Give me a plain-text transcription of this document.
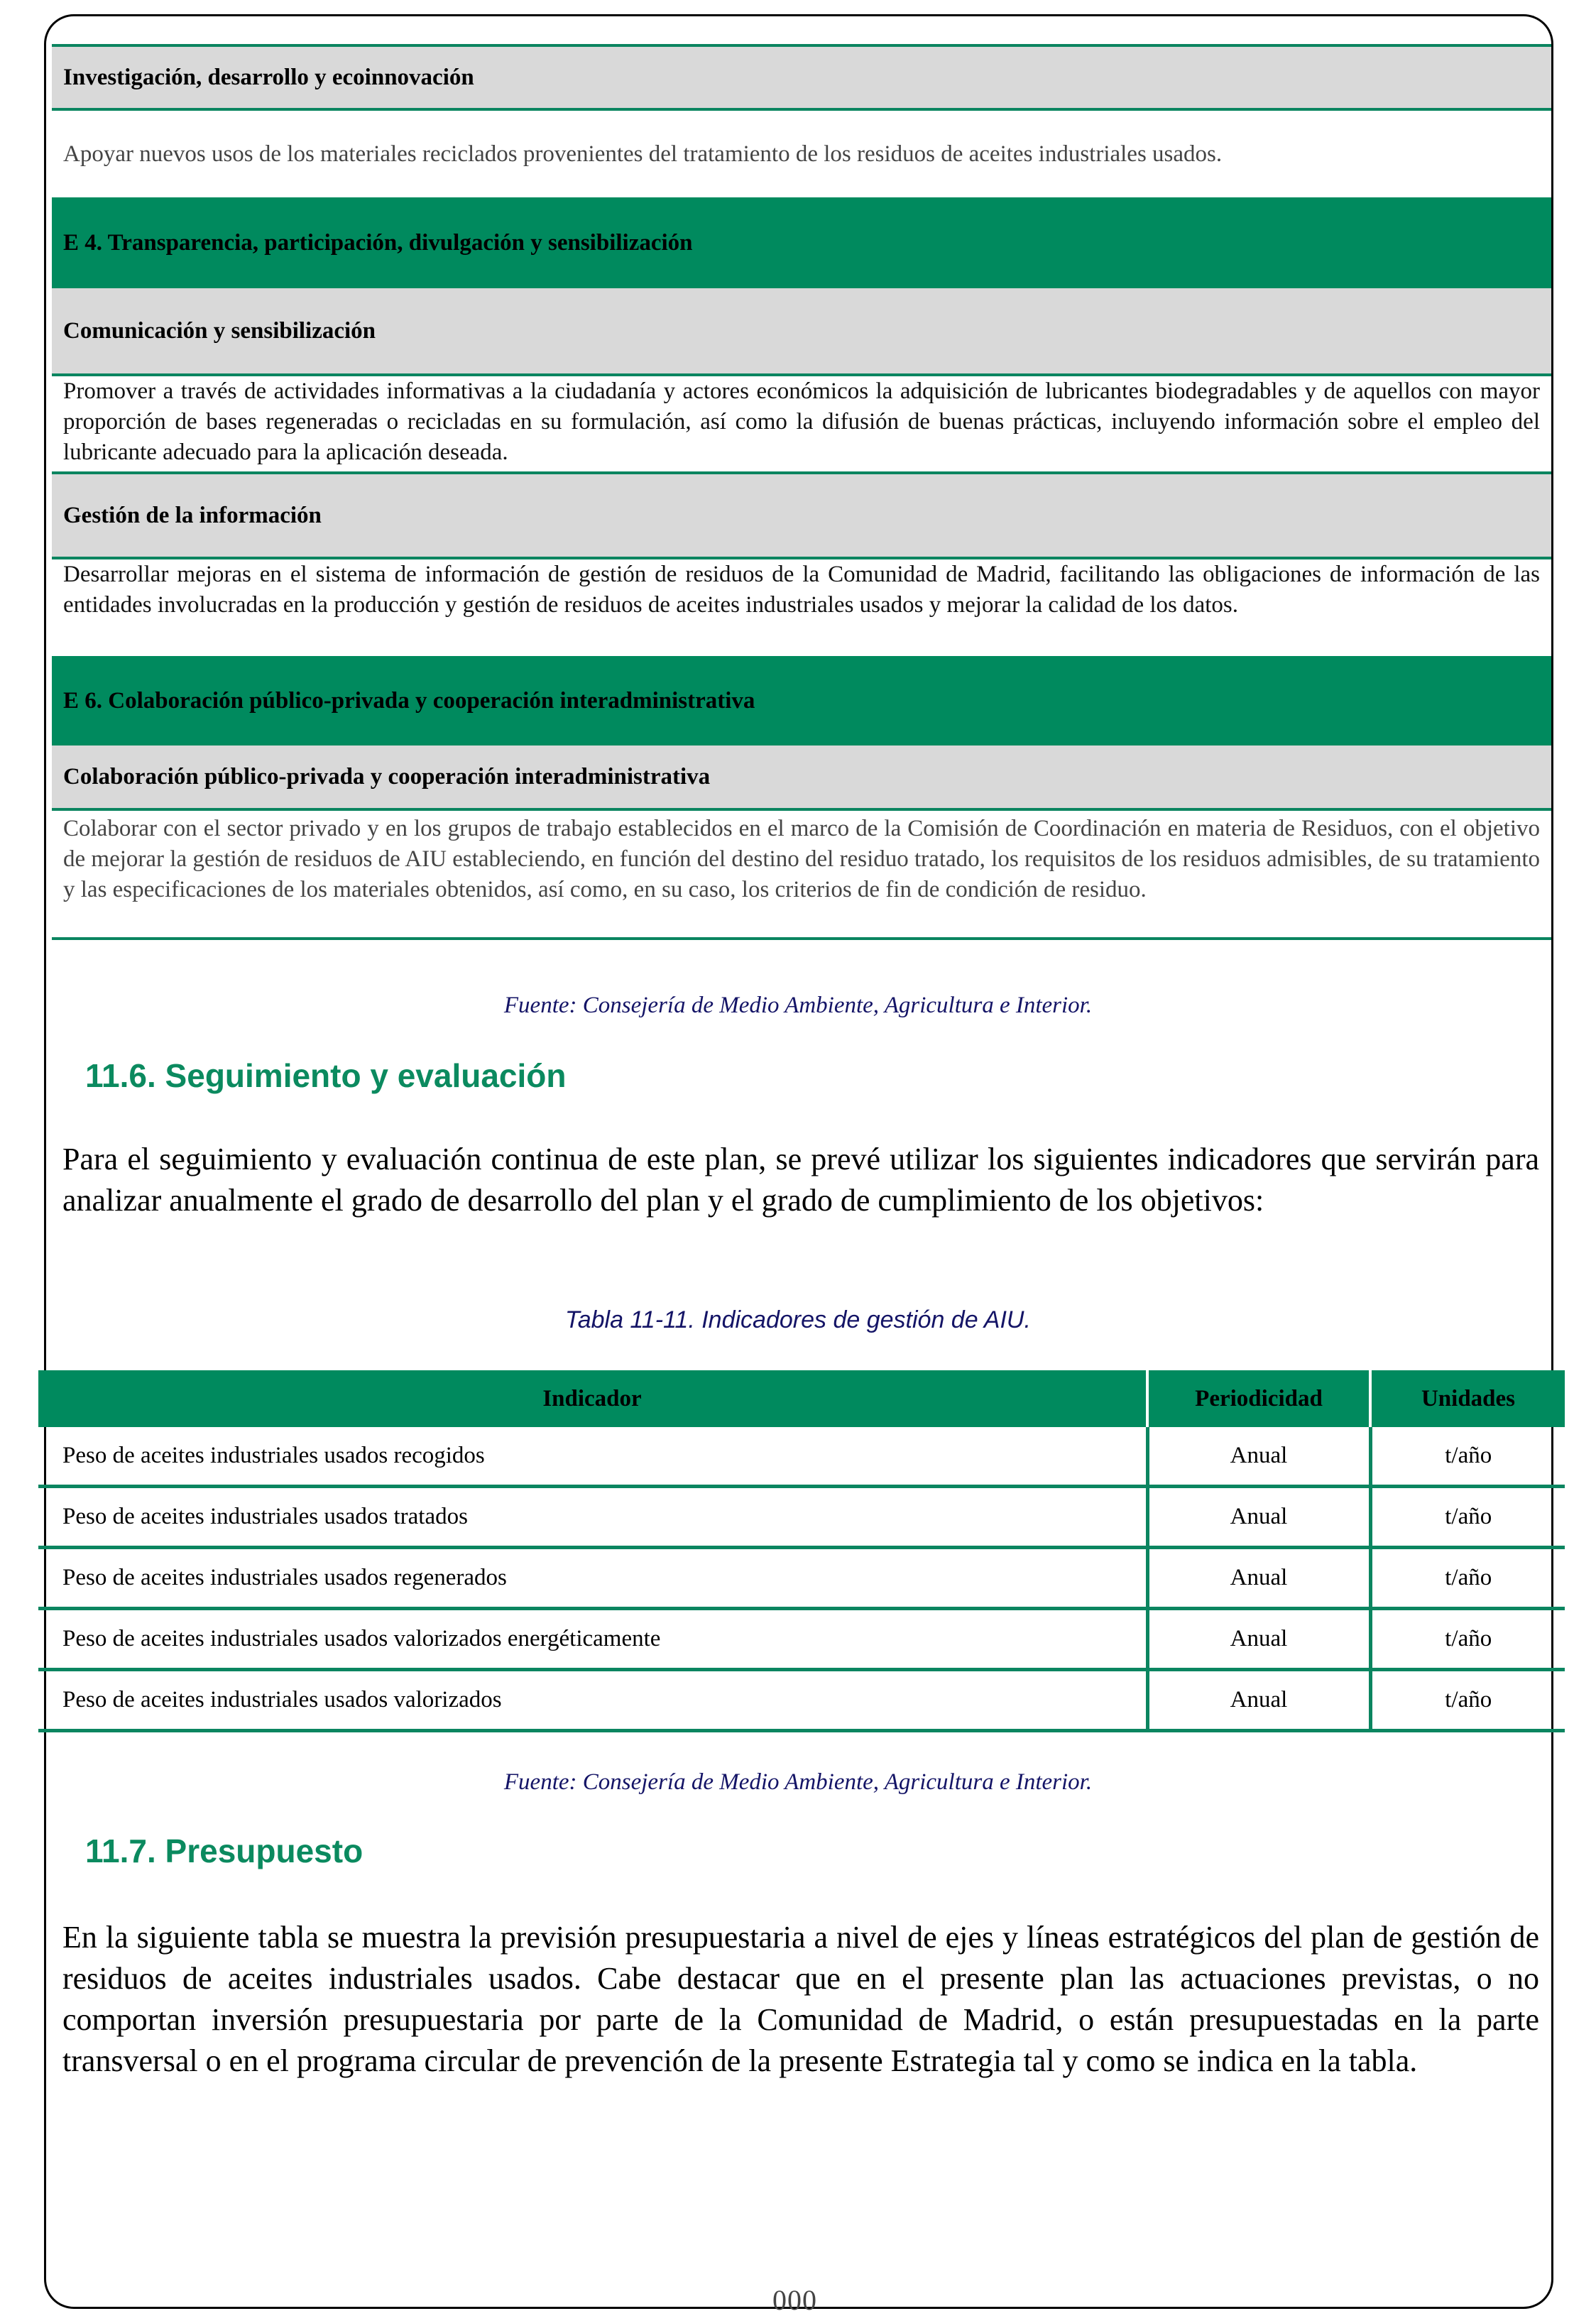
Investigación, desarrollo y ecoinnovación
Apoyar nuevos usos de los materiales reciclados provenientes del tratamiento de los residuos de aceites industriales usados.
E 4. Transparencia, participación, divulgación y sensibilización
Comunicación y sensibilización
Promover a través de actividades informativas a la ciudadanía y actores económicos la adquisición de lubricantes biodegradables y de aquellos con mayor proporción de bases regeneradas o recicladas en su formulación, así como la difusión de buenas prácticas, incluyendo información sobre el empleo del lubricante adecuado para la aplicación deseada.
Gestión de la información
Desarrollar mejoras en el sistema de información de gestión de residuos de la Comunidad de Madrid, facilitando las obligaciones de información de las entidades involucradas en la producción y gestión de residuos de aceites industriales usados y mejorar la calidad de los datos.
E 6. Colaboración público-privada y cooperación interadministrativa
Colaboración público-privada y cooperación interadministrativa
Colaborar con el sector privado y en los grupos de trabajo establecidos en el marco de la Comisión de Coordinación en materia de Residuos, con el objetivo de mejorar la gestión de residuos de AIU estableciendo, en función del destino del residuo tratado, los requisitos de los residuos admisibles, de su tratamiento y las especificaciones de los materiales obtenidos, así como, en su caso, los criterios de fin de condición de residuo.
Fuente: Consejería de Medio Ambiente, Agricultura e Interior.
11.6. Seguimiento y evaluación
Para el seguimiento y evaluación continua de este plan, se prevé utilizar los siguientes indicadores que servirán para analizar anualmente el grado de desarrollo del plan y el grado de cumplimiento de los objetivos:
Tabla 11-11. Indicadores de gestión de AIU.
Indicador	Periodicidad	Unidades
Peso de aceites industriales usados recogidos	Anual	t/año
Peso de aceites industriales usados tratados	Anual	t/año
Peso de aceites industriales usados regenerados	Anual	t/año
Peso de aceites industriales usados valorizados energéticamente	Anual	t/año
Peso de aceites industriales usados valorizados	Anual	t/año
Fuente: Consejería de Medio Ambiente, Agricultura e Interior.
11.7. Presupuesto
En la siguiente tabla se muestra la previsión presupuestaria a nivel de ejes y líneas estratégicos del plan de gestión de residuos de aceites industriales usados. Cabe destacar que en el presente plan las actuaciones previstas, o no comportan inversión presupuestaria por parte de la Comunidad de Madrid, o están presupuestadas en la parte transversal o en el programa circular de prevención de la presente Estrategia tal y como se indica en la tabla.
000
